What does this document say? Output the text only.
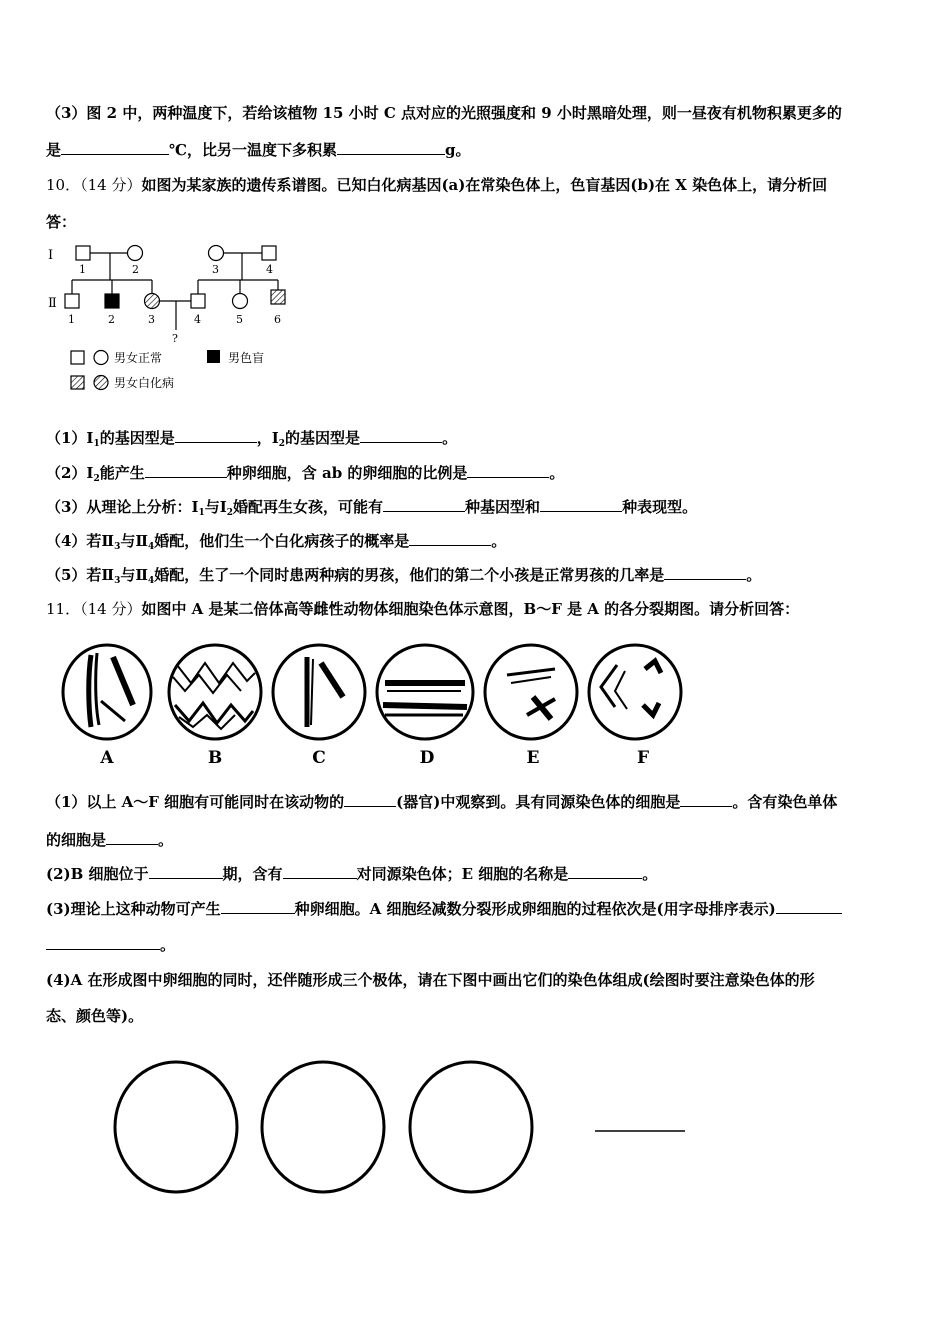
（3）图 2 中，两种温度下，若给该植物 15 小时 C 点对应的光照强度和 9 小时黑暗处理，则一昼夜有机物积累更多的
是	℃，比另一温度下多积累	g。
10．（14 分）如图为某家族的遗传系谱图。已知白化病基因(a)在常染色体上，色盲基因(b)在 X 染色体上，请分析回
答：
Ⅰ
Ⅱ
1	2	3	4
?
1	2	3	4	5	6
男女正常	男色盲
男女白化病
$(1)Ⅰ_1$的基因型是	，$Ⅰ_2$的基因型是	。
$(2)Ⅰ_2$能产生	种卵细胞，含 ab 的卵细胞的比例是	。
（3）从理论上分析：$Ⅰ_1$与$Ⅰ_2$婚配再生女孩，可能有	种基因型和	种表现型。
（4）若$Ⅱ_3$与$Ⅱ_4$婚配，他们生一个白化病孩子的概率是	。
（5）若$Ⅱ_3$与$Ⅱ_4$婚配，生了一个同时患两种病的男孩，他们的第二个小孩是正常男孩的几率是	。
11．（14 分）如图中 A 是某二倍体高等雌性动物体细胞染色体示意图，B～F 是 A 的各分裂期图。请分析回答：
A	B	C	D	E	F
（1）以上 A～F 细胞有可能同时在该动物的	(器官)中观察到。具有同源染色体的细胞是	。含有染色单体
的细胞是	。
(2)B 细胞位于	期，含有	对同源染色体；E 细胞的名称是	。
(3)理论上这种动物可产生	种卵细胞。A 细胞经减数分裂形成卵细胞的过程依次是(用字母排序表示)
。
(4)A 在形成图中卵细胞的同时，还伴随形成三个极体，请在下图中画出它们的染色体组成(绘图时要注意染色体的形
态、颜色等)。
